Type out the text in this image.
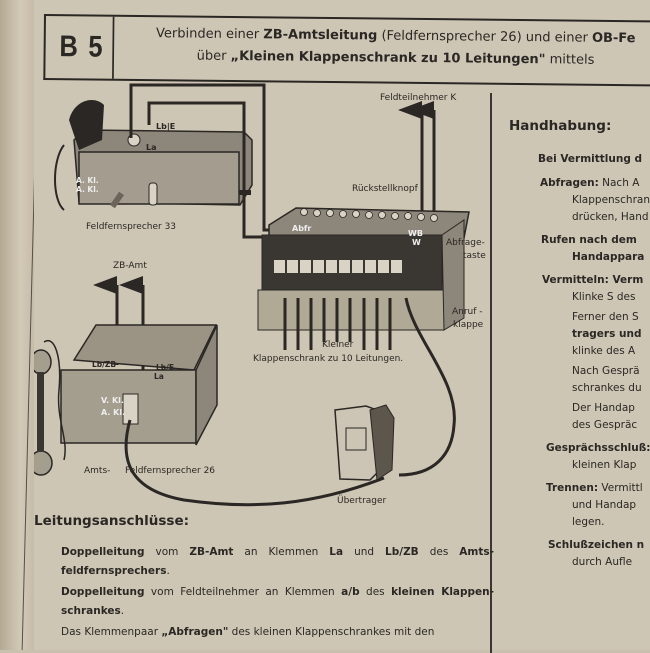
B 5	Verbinden einer ZB-Amtsleitung (Feldfernsprecher 26) und einer OB-Fe
über „Kleinen Klappenschrank zu 10 Leitungen" mittels
Feldfernsprecher 33
La
Lb|E
A. Kl.
A. Kl.
Feldteilnehmer K
Rückstellknopf
Abfr
WB
W	Abfrage-
taste
Anruf -
klappe
Kleiner
Klappenschrank zu 10 Leitungen.
ZB-Amt
Lb/ZB	Lb/E
La
V. Kl.
A. Kl.
Amts- Feldfernsprecher 26
Übertrager
Handhabung:
Bei Vermittlung d
Abfragen: Nach A
Klappenschran
drücken, Hand
Rufen nach dem
Handappara
Vermitteln: Verm
Klinke S des
Ferner den S
tragers und
klinke des A
Nach Gesprä
schrankes du
Der Handap
des Gespräc
Gesprächsschluß:
kleinen Klap
Trennen: Vermittl
und Handap
legen.
Schlußzeichen n
durch Aufle
Leitungsanschlüsse:

Doppelleitung vom ZB-Amt an Klemmen La und Lb/ZB des Amts-feldfernsprechers.

Doppelleitung vom Feldteilnehmer an Klemmen a/b des kleinen Klappen-schrankes.

Das Klemmenpaar „Abfragen" des kleinen Klappenschrankes mit den
